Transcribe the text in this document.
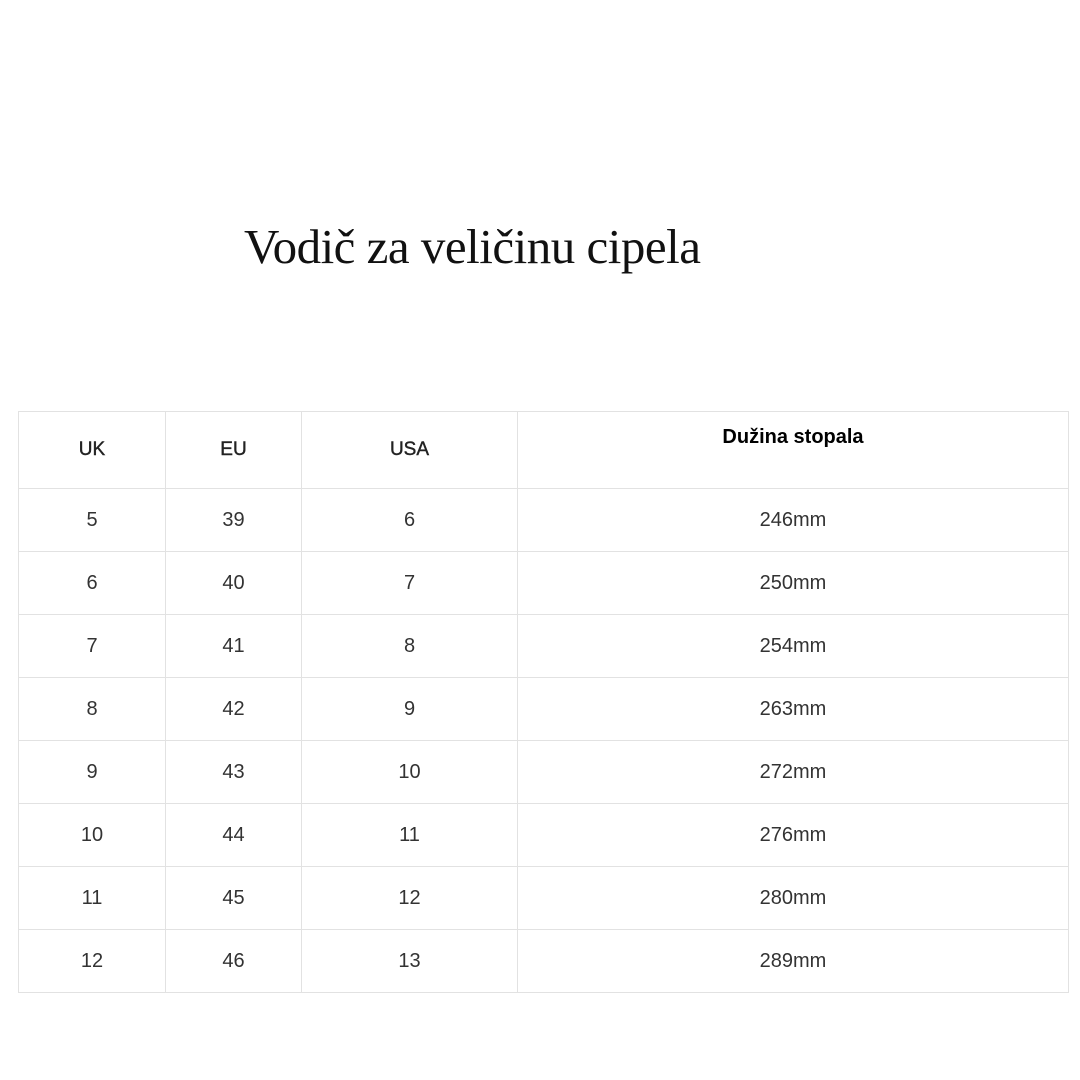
Vodič za veličinu cipela
UK	EU	USA	Dužina stopala
5	39	6	246mm
6	40	7	250mm
7	41	8	254mm
8	42	9	263mm
9	43	10	272mm
10	44	11	276mm
11	45	12	280mm
12	46	13	289mm
